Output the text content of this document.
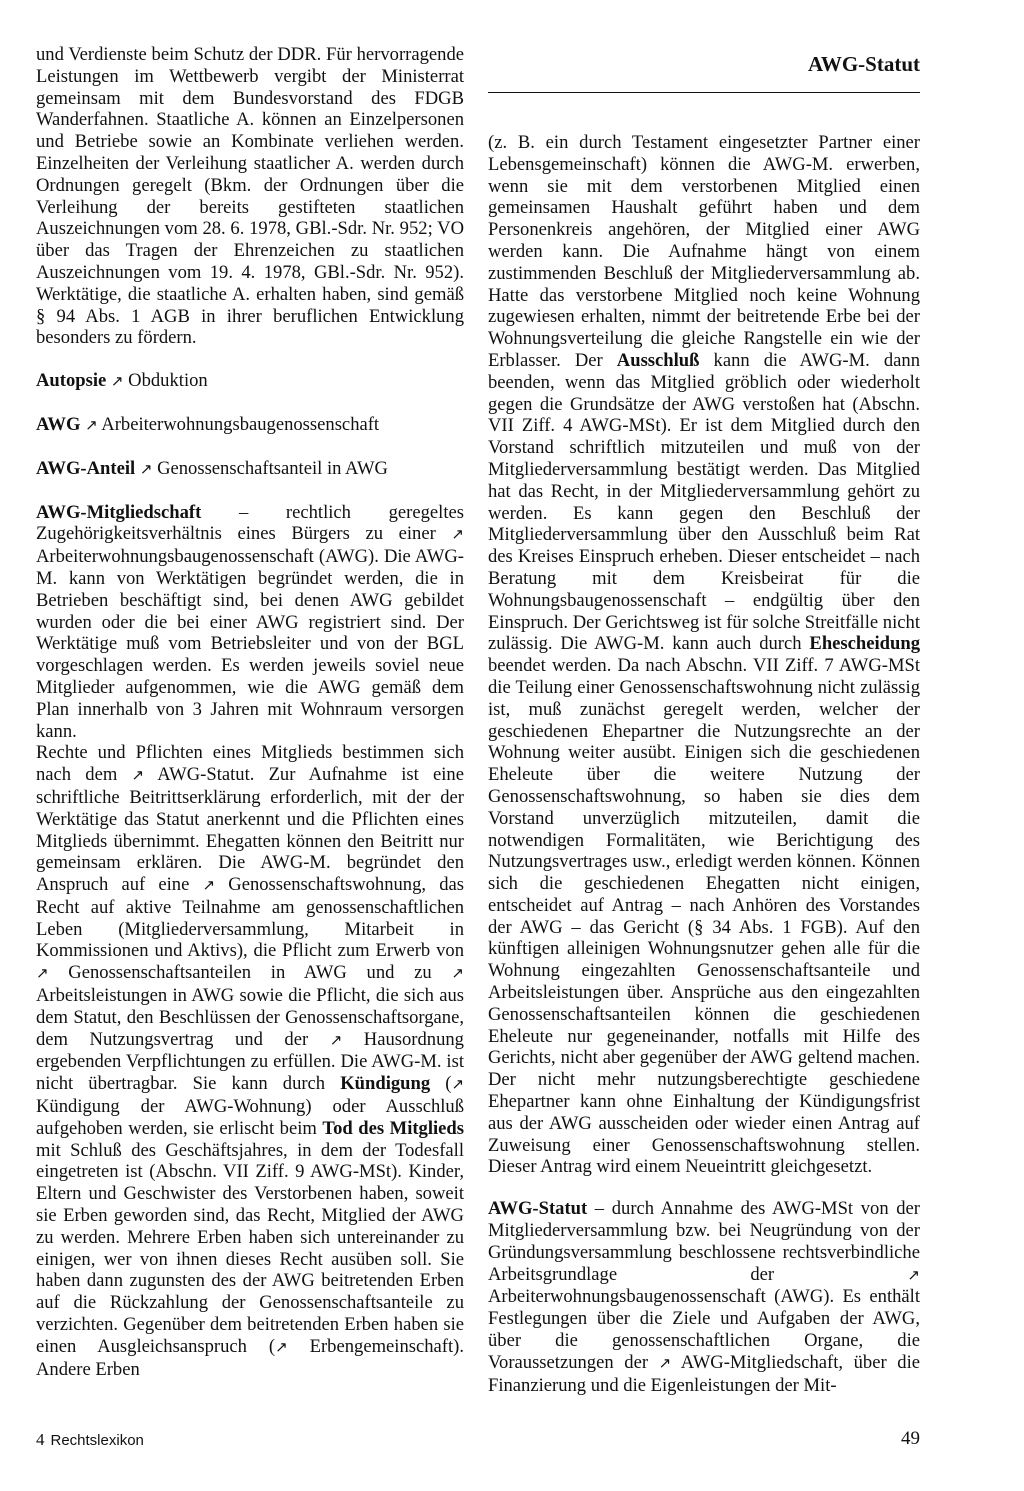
AWG-Statut

und Verdienste beim Schutz der DDR. Für hervorragende Leistungen im Wettbewerb vergibt der Ministerrat gemeinsam mit dem Bundesvorstand des FDGB Wanderfahnen. Staatliche A. können an Einzelpersonen und Betriebe sowie an Kombinate verliehen werden. Einzelheiten der Verleihung staatlicher A. werden durch Ordnungen geregelt (Bkm. der Ordnungen über die Verleihung der bereits gestifteten staatlichen Auszeichnungen vom 28. 6. 1978, GBl.-Sdr. Nr. 952; VO über das Tragen der Ehrenzeichen zu staatlichen Auszeichnungen vom 19. 4. 1978, GBl.-Sdr. Nr. 952). Werktätige, die staatliche A. erhalten haben, sind gemäß § 94 Abs. 1 AGB in ihrer beruflichen Entwicklung besonders zu fördern.

Autopsie ↗ Obduktion

AWG ↗ Arbeiterwohnungsbaugenossenschaft

AWG-Anteil ↗ Genossenschaftsanteil in AWG

AWG-Mitgliedschaft – rechtlich geregeltes Zugehörigkeitsverhältnis eines Bürgers zu einer ↗ Arbeiterwohnungsbaugenossenschaft (AWG). Die AWG-M. kann von Werktätigen begründet werden, die in Betrieben beschäftigt sind, bei denen AWG gebildet wurden oder die bei einer AWG registriert sind. Der Werktätige muß vom Betriebsleiter und von der BGL vorgeschlagen werden. Es werden jeweils soviel neue Mitglieder aufgenommen, wie die AWG gemäß dem Plan innerhalb von 3 Jahren mit Wohnraum versorgen kann.

Rechte und Pflichten eines Mitglieds bestimmen sich nach dem ↗ AWG-Statut. Zur Aufnahme ist eine schriftliche Beitrittserklärung erforderlich, mit der der Werktätige das Statut anerkennt und die Pflichten eines Mitglieds übernimmt. Ehegatten können den Beitritt nur gemeinsam erklären. Die AWG-M. begründet den Anspruch auf eine ↗ Genossenschaftswohnung, das Recht auf aktive Teilnahme am genossenschaftlichen Leben (Mitgliederversammlung, Mitarbeit in Kommissionen und Aktivs), die Pflicht zum Erwerb von ↗ Genossenschaftsanteilen in AWG und zu ↗ Arbeitsleistungen in AWG sowie die Pflicht, die sich aus dem Statut, den Beschlüssen der Genossenschaftsorgane, dem Nutzungsvertrag und der ↗ Hausordnung ergebenden Verpflichtungen zu erfüllen. Die AWG-M. ist nicht übertragbar. Sie kann durch Kündigung (↗ Kündigung der AWG-Wohnung) oder Ausschluß aufgehoben werden, sie erlischt beim Tod des Mitglieds mit Schluß des Geschäftsjahres, in dem der Todesfall eingetreten ist (Abschn. VII Ziff. 9 AWG-MSt). Kinder, Eltern und Geschwister des Verstorbenen haben, soweit sie Erben geworden sind, das Recht, Mitglied der AWG zu werden. Mehrere Erben haben sich untereinander zu einigen, wer von ihnen dieses Recht ausüben soll. Sie haben dann zugunsten des der AWG beitretenden Erben auf die Rückzahlung der Genossenschaftsanteile zu verzichten. Gegenüber dem beitretenden Erben haben sie einen Ausgleichsanspruch (↗ Erbengemeinschaft). Andere Erben

(z. B. ein durch Testament eingesetzter Partner einer Lebensgemeinschaft) können die AWG-M. erwerben, wenn sie mit dem verstorbenen Mitglied einen gemeinsamen Haushalt geführt haben und dem Personenkreis angehören, der Mitglied einer AWG werden kann. Die Aufnahme hängt von einem zustimmenden Beschluß der Mitgliederversammlung ab. Hatte das verstorbene Mitglied noch keine Wohnung zugewiesen erhalten, nimmt der beitretende Erbe bei der Wohnungsverteilung die gleiche Rangstelle ein wie der Erblasser. Der Ausschluß kann die AWG-M. dann beenden, wenn das Mitglied gröblich oder wiederholt gegen die Grundsätze der AWG verstoßen hat (Abschn. VII Ziff. 4 AWG-MSt). Er ist dem Mitglied durch den Vorstand schriftlich mitzuteilen und muß von der Mitgliederversammlung bestätigt werden. Das Mitglied hat das Recht, in der Mitgliederversammlung gehört zu werden. Es kann gegen den Beschluß der Mitgliederversammlung über den Ausschluß beim Rat des Kreises Einspruch erheben. Dieser entscheidet – nach Beratung mit dem Kreisbeirat für die Wohnungsbaugenossenschaft – endgültig über den Einspruch. Der Gerichtsweg ist für solche Streitfälle nicht zulässig. Die AWG-M. kann auch durch Ehescheidung beendet werden. Da nach Abschn. VII Ziff. 7 AWG-MSt die Teilung einer Genossenschaftswohnung nicht zulässig ist, muß zunächst geregelt werden, welcher der geschiedenen Ehepartner die Nutzungsrechte an der Wohnung weiter ausübt. Einigen sich die geschiedenen Eheleute über die weitere Nutzung der Genossenschaftswohnung, so haben sie dies dem Vorstand unverzüglich mitzuteilen, damit die notwendigen Formalitäten, wie Berichtigung des Nutzungsvertrages usw., erledigt werden können. Können sich die geschiedenen Ehegatten nicht einigen, entscheidet auf Antrag – nach Anhören des Vorstandes der AWG – das Gericht (§ 34 Abs. 1 FGB). Auf den künftigen alleinigen Wohnungsnutzer gehen alle für die Wohnung eingezahlten Genossenschaftsanteile und Arbeitsleistungen über. Ansprüche aus den eingezahlten Genossenschaftsanteilen können die geschiedenen Eheleute nur gegeneinander, notfalls mit Hilfe des Gerichts, nicht aber gegenüber der AWG geltend machen. Der nicht mehr nutzungsberechtigte geschiedene Ehepartner kann ohne Einhaltung der Kündigungsfrist aus der AWG ausscheiden oder wieder einen Antrag auf Zuweisung einer Genossenschaftswohnung stellen. Dieser Antrag wird einem Neueintritt gleichgesetzt.

AWG-Statut – durch Annahme des AWG-MSt von der Mitgliederversammlung bzw. bei Neugründung von der Gründungsversammlung beschlossene rechtsverbindliche Arbeitsgrundlage der ↗ Arbeiterwohnungsbaugenossenschaft (AWG). Es enthält Festlegungen über die Ziele und Aufgaben der AWG, über die genossenschaftlichen Organe, die Voraussetzungen der ↗ AWG-Mitgliedschaft, über die Finanzierung und die Eigenleistungen der Mit-

4 Rechtslexikon	49
